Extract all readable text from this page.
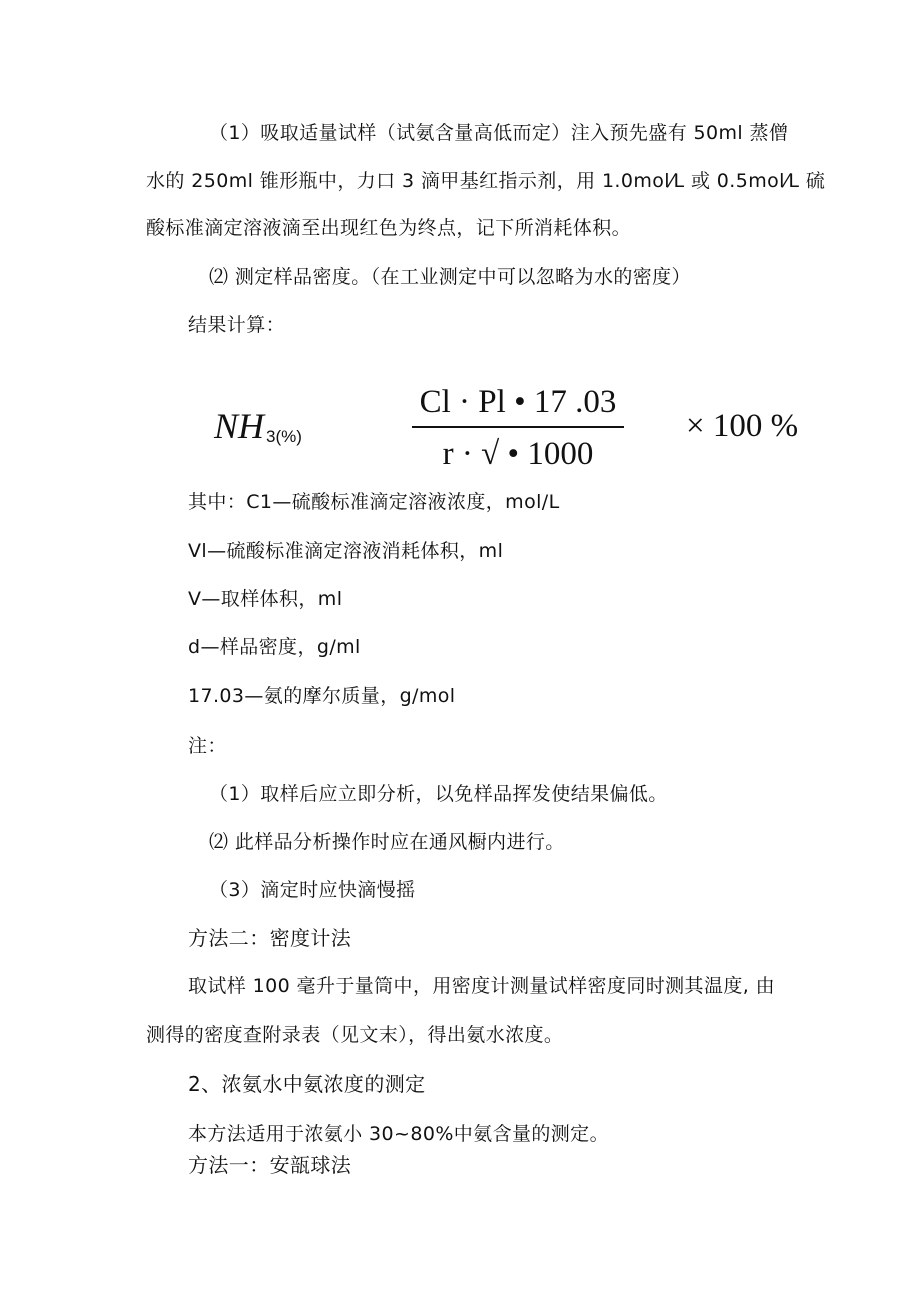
（1）吸取适量试样（试氨含量高低而定）注入预先盛有 50ml 蒸僧
水的 250ml 锥形瓶中，力口 3 滴甲基红指示剂，用 1.0mol⁄L 或 0.5mol⁄L 硫
酸标准滴定溶液滴至出现红色为终点，记下所消耗体积。
⑵ 测定样品密度。（在工业测定中可以忽略为水的密度）
结果计算：
NH $_{3(\%)}$	$\frac{Cl \cdot Pl • 17 .03}{r \cdot √ • 1000} \times 100$ %
其中：C1—硫酸标准滴定溶液浓度，mol/L
Vl—硫酸标准滴定溶液消耗体积，ml
V—取样体积，ml
d—样品密度，g/ml
17.03—氨的摩尔质量，g/mol
注：
（1）取样后应立即分析，以免样品挥发使结果偏低。
⑵ 此样品分析操作时应在通风橱内进行。
（3）滴定时应快滴慢摇
方法二：密度计法
取试样 100 毫升于量筒中，用密度计测量试样密度同时测其温度, 由
测得的密度查附录表（见文末），得出氨水浓度。
2、浓氨水中氨浓度的测定
本方法适用于浓氨小 30~80%中氨含量的测定。
方法一：安瓿球法
